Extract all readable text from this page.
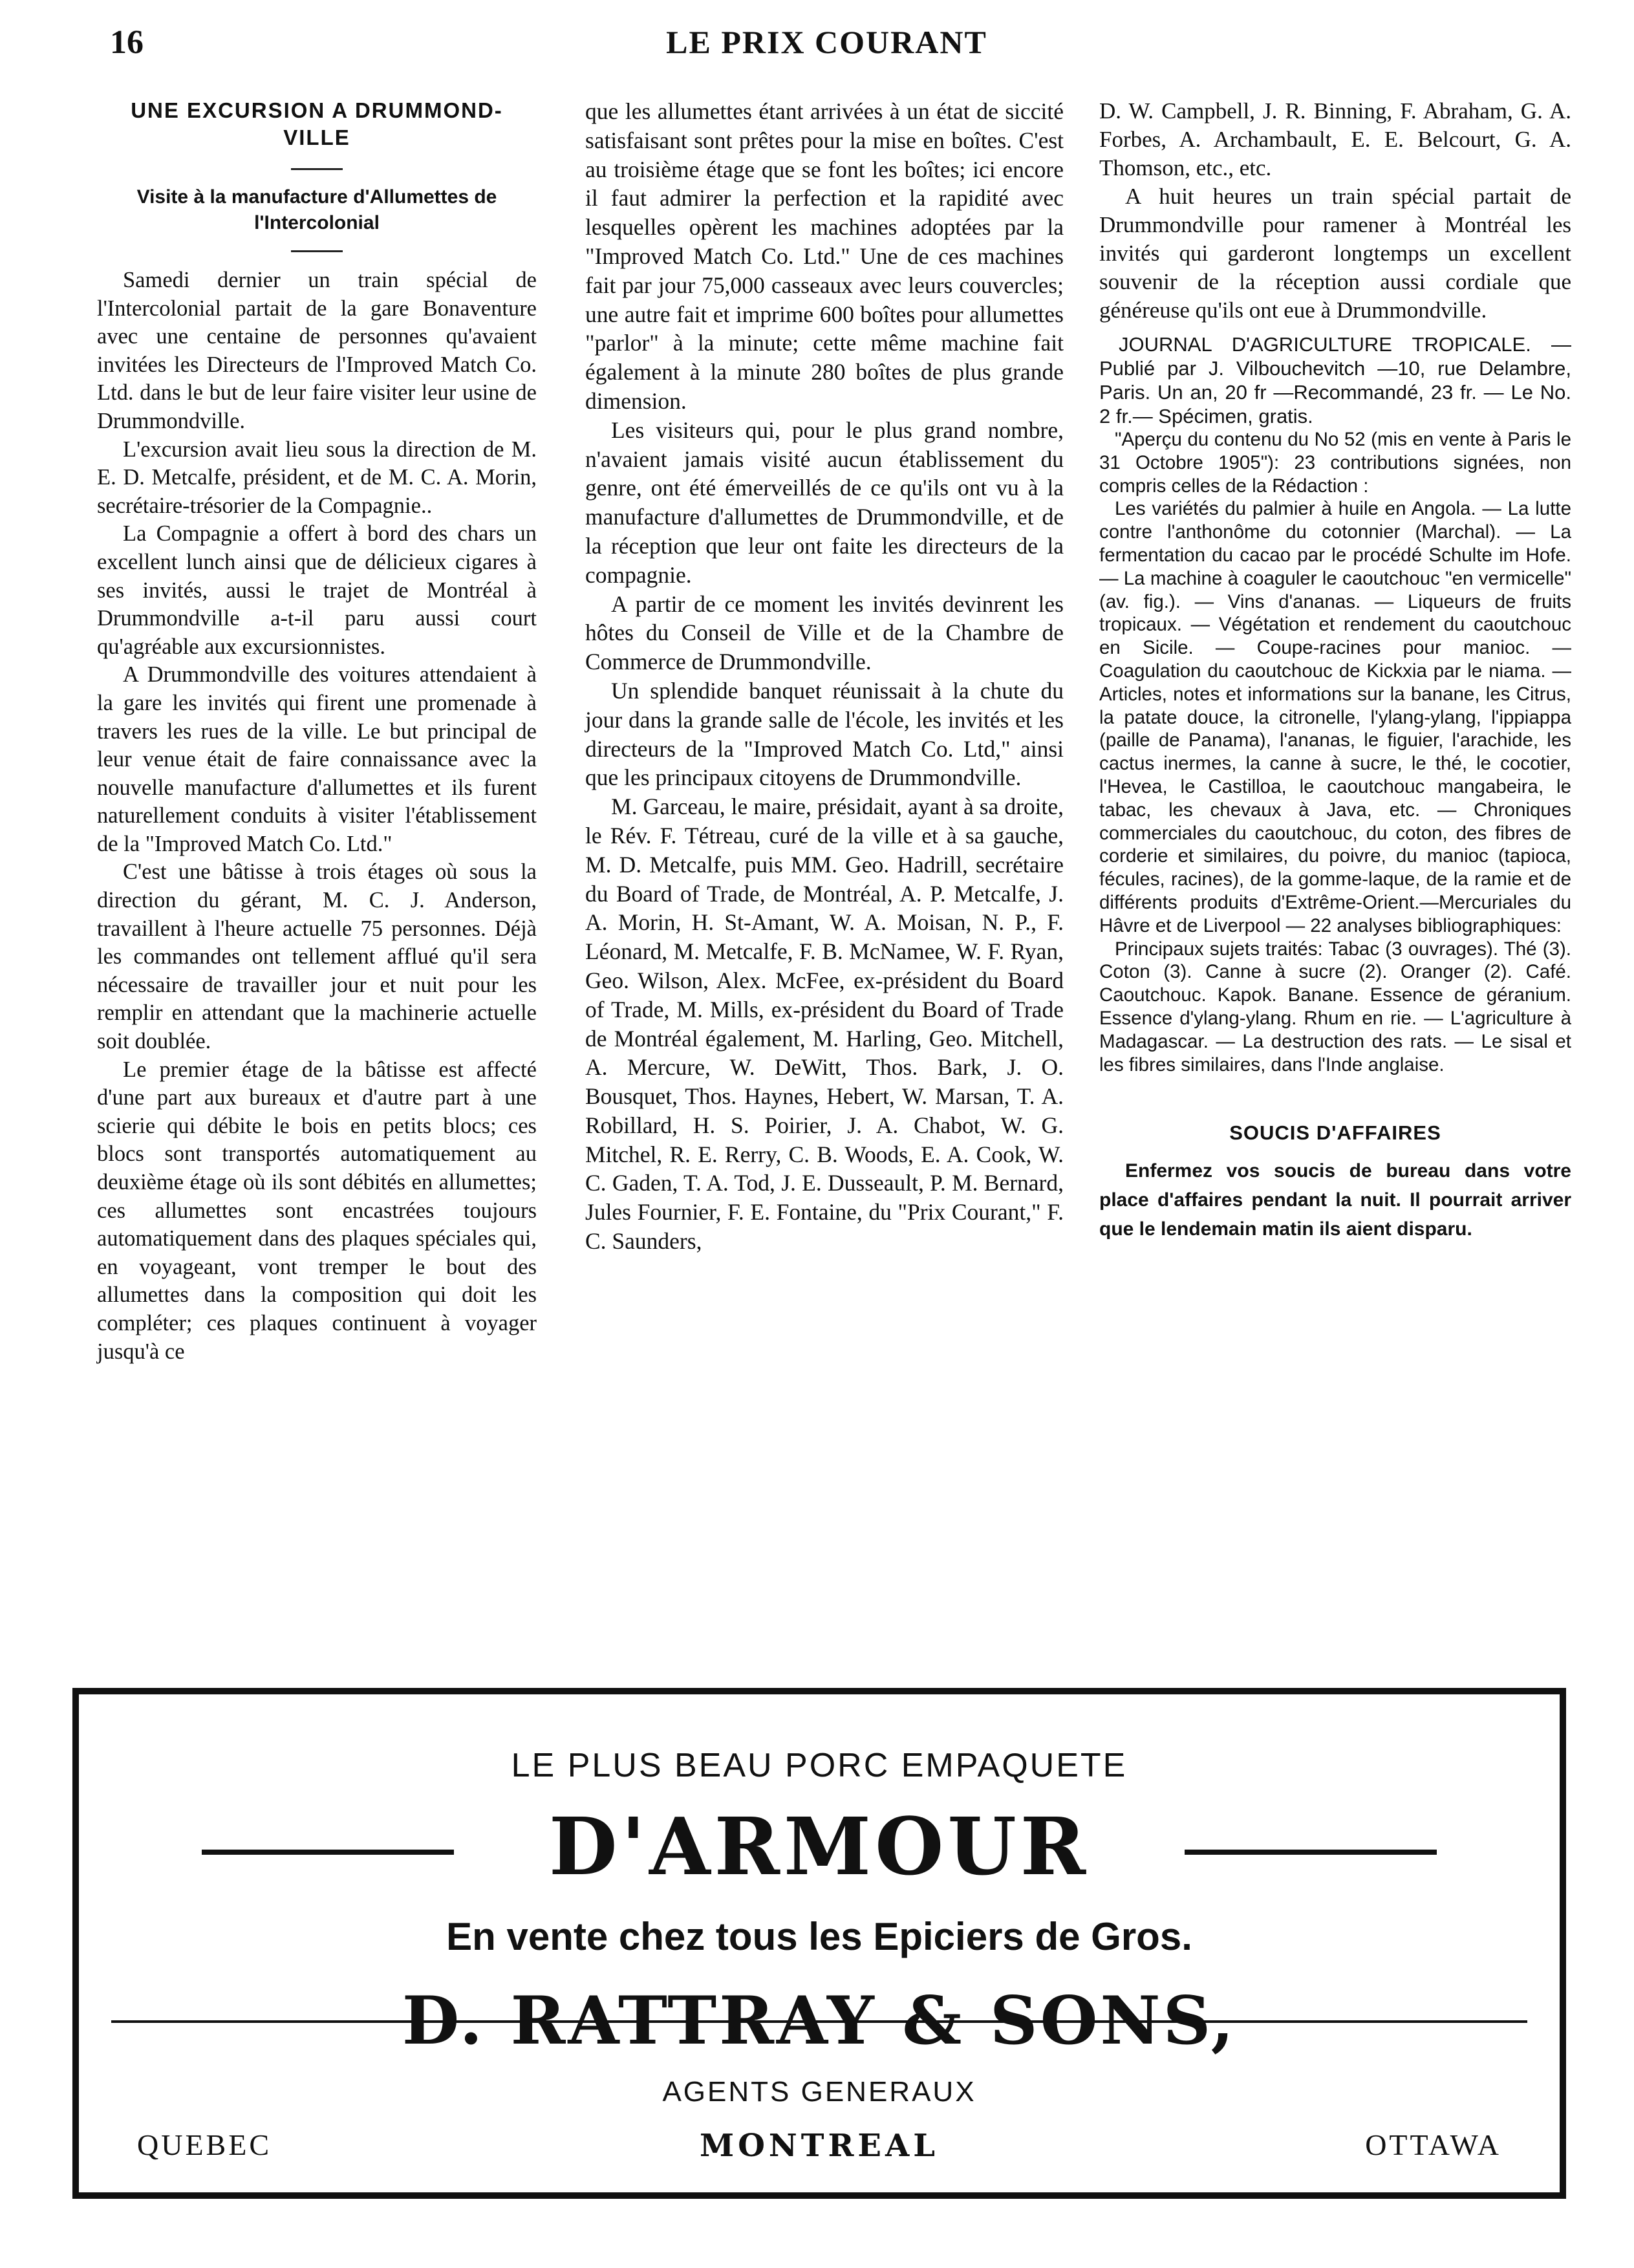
16	LE PRIX COURANT
UNE EXCURSION A DRUMMOND- VILLE
Visite à la manufacture d'Allumettes de l'Intercolonial

Samedi dernier un train spécial de l'Intercolonial partait de la gare Bonaventure avec une centaine de personnes qu'avaient invitées les Directeurs de l'Improved Match Co. Ltd. dans le but de leur faire visiter leur usine de Drummondville.

L'excursion avait lieu sous la direction de M. E. D. Metcalfe, président, et de M. C. A. Morin, secrétaire-trésorier de la Compagnie..

La Compagnie a offert à bord des chars un excellent lunch ainsi que de délicieux cigares à ses invités, aussi le trajet de Montréal à Drummondville a-t-il paru aussi court qu'agréable aux excursionnistes.

A Drummondville des voitures attendaient à la gare les invités qui firent une promenade à travers les rues de la ville. Le but principal de leur venue était de faire connaissance avec la nouvelle manufacture d'allumettes et ils furent naturellement conduits à visiter l'établissement de la "Improved Match Co. Ltd."

C'est une bâtisse à trois étages où sous la direction du gérant, M. C. J. Anderson, travaillent à l'heure actuelle 75 personnes. Déjà les commandes ont tellement afflué qu'il sera nécessaire de travailler jour et nuit pour les remplir en attendant que la machinerie actuelle soit doublée.

Le premier étage de la bâtisse est affecté d'une part aux bureaux et d'autre part à une scierie qui débite le bois en petits blocs; ces blocs sont transportés automatiquement au deuxième étage où ils sont débités en allumettes; ces allumettes sont encastrées toujours automatiquement dans des plaques spéciales qui, en voyageant, vont tremper le bout des allumettes dans la composition qui doit les compléter; ces plaques continuent à voyager jusqu'à ce

que les allumettes étant arrivées à un état de siccité satisfaisant sont prêtes pour la mise en boîtes. C'est au troisième étage que se font les boîtes; ici encore il faut admirer la perfection et la rapidité avec lesquelles opèrent les machines adoptées par la "Improved Match Co. Ltd." Une de ces machines fait par jour 75,000 casseaux avec leurs couvercles; une autre fait et imprime 600 boîtes pour allumettes "parlor" à la minute; cette même machine fait également à la minute 280 boîtes de plus grande dimension.

Les visiteurs qui, pour le plus grand nombre, n'avaient jamais visité aucun établissement du genre, ont été émerveillés de ce qu'ils ont vu à la manufacture d'allumettes de Drummondville, et de la réception que leur ont faite les directeurs de la compagnie.

A partir de ce moment les invités devinrent les hôtes du Conseil de Ville et de la Chambre de Commerce de Drummondville.

Un splendide banquet réunissait à la chute du jour dans la grande salle de l'école, les invités et les directeurs de la "Improved Match Co. Ltd," ainsi que les principaux citoyens de Drummondville.

M. Garceau, le maire, présidait, ayant à sa droite, le Rév. F. Tétreau, curé de la ville et à sa gauche, M. D. Metcalfe, puis MM. Geo. Hadrill, secrétaire du Board of Trade, de Montréal, A. P. Metcalfe, J. A. Morin, H. St-Amant, W. A. Moisan, N. P., F. Léonard, M. Metcalfe, F. B. McNamee, W. F. Ryan, Geo. Wilson, Alex. McFee, ex-président du Board of Trade, M. Mills, ex-président du Board of Trade de Montréal également, M. Harling, Geo. Mitchell, A. Mercure, W. DeWitt, Thos. Bark, J. O. Bousquet, Thos. Haynes, Hebert, W. Marsan, T. A. Robillard, H. S. Poirier, J. A. Chabot, W. G. Mitchel, R. E. Rerry, C. B. Woods, E. A. Cook, W. C. Gaden, T. A. Tod, J. E. Dusseault, P. M. Bernard, Jules Fournier, F. E. Fontaine, du "Prix Courant," F. C. Saunders,

D. W. Campbell, J. R. Binning, F. Abraham, G. A. Forbes, A. Archambault, E. E. Belcourt, G. A. Thomson, etc., etc.

A huit heures un train spécial partait de Drummondville pour ramener à Montréal les invités qui garderont longtemps un excellent souvenir de la réception aussi cordiale que généreuse qu'ils ont eue à Drummondville.

JOURNAL D'AGRICULTURE TROPICALE. — Publié par J. Vilbouchevitch —10, rue Delambre, Paris. Un an, 20 fr —Recommandé, 23 fr. — Le No. 2 fr.— Spécimen, gratis.

"Aperçu du contenu du No 52 (mis en vente à Paris le 31 Octobre 1905"): 23 contributions signées, non compris celles de la Rédaction :

Les variétés du palmier à huile en Angola. — La lutte contre l'anthonôme du cotonnier (Marchal). — La fermentation du cacao par le procédé Schulte im Hofe. — La machine à coaguler le caoutchouc "en vermicelle" (av. fig.). — Vins d'ananas. — Liqueurs de fruits tropicaux. — Végétation et rendement du caoutchouc en Sicile. — Coupe-racines pour manioc. — Coagulation du caoutchouc de Kickxia par le niama. — Articles, notes et informations sur la banane, les Citrus, la patate douce, la citronelle, l'ylang-ylang, l'ippiappa (paille de Panama), l'ananas, le figuier, l'arachide, les cactus inermes, la canne à sucre, le thé, le cocotier, l'Hevea, le Castilloa, le caoutchouc mangabeira, le tabac, les chevaux à Java, etc. — Chroniques commerciales du caoutchouc, du coton, des fibres de corderie et similaires, du poivre, du manioc (tapioca, fécules, racines), de la gomme-laque, de la ramie et de différents produits d'Extrême-Orient.—Mercuriales du Hâvre et de Liverpool — 22 analyses bibliographiques:

Principaux sujets traités: Tabac (3 ouvrages). Thé (3). Coton (3). Canne à sucre (2). Oranger (2). Café. Caoutchouc. Kapok. Banane. Essence de géranium. Essence d'ylang-ylang. Rhum en rie. — L'agriculture à Madagascar. — La destruction des rats. — Le sisal et les fibres similaires, dans l'Inde anglaise.

SOUCIS D'AFFAIRES

Enfermez vos soucis de bureau dans votre place d'affaires pendant la nuit. Il pourrait arriver que le lendemain matin ils aient disparu.

LE PLUS BEAU PORC EMPAQUETE
D'ARMOUR
En vente chez tous les Epiciers de Gros.
D. RATTRAY & SONS,
AGENTS GENERAUX
QUEBEC	MONTREAL	OTTAWA
